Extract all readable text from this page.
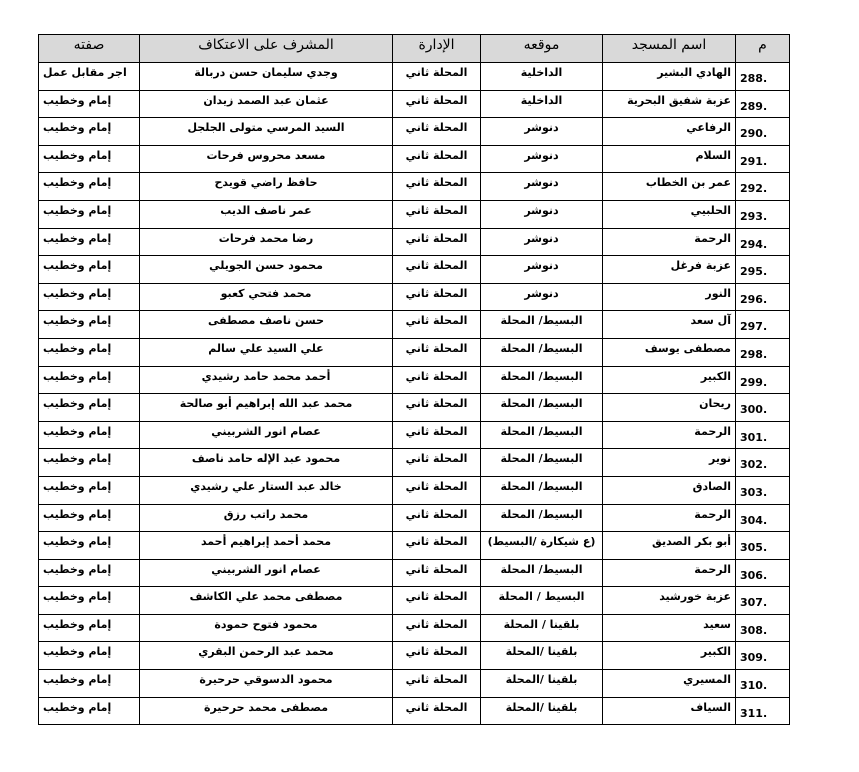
م	اسم المسجد	موقعه	الإدارة	المشرف على الاعتكاف	صفته
288.	الهادي البشير	الداخلية	المحلة ثاني	وجدي سليمان حسن دربالة	اجر مقابل عمل
289.	عزبة شفيق البحرية	الداخلية	المحلة ثاني	عثمان عبد الصمد زيدان	إمام وخطيب
290.	الرفاعي	دنوشر	المحلة ثاني	السيد المرسي متولى الجلجل	إمام وخطيب
291.	السلام	دنوشر	المحلة ثاني	مسعد محروس فرحات	إمام وخطيب
292.	عمر بن الخطاب	دنوشر	المحلة ثاني	حافظ راضي قويدح	إمام وخطيب
293.	الحلبيي	دنوشر	المحلة ثاني	عمر ناصف الديب	إمام وخطيب
294.	الرحمة	دنوشر	المحلة ثاني	رضا محمد فرحات	إمام وخطيب
295.	عزبة فرغل	دنوشر	المحلة ثاني	محمود حسن الجويلي	إمام وخطيب
296.	النور	دنوشر	المحلة ثاني	محمد فتحي كعبو	إمام وخطيب
297.	آل سعد	البسيط/ المحلة	المحلة ثاني	حسن ناصف مصطفى	إمام وخطيب
298.	مصطفى يوسف	البسيط/ المحلة	المحلة ثاني	علي السيد علي سالم	إمام وخطيب
299.	الكبير	البسيط/ المحلة	المحلة ثاني	أحمد محمد حامد رشيدي	إمام وخطيب
300.	ريحان	البسيط/ المحلة	المحلة ثاني	محمد عبد الله إبراهيم أبو صالحة	إمام وخطيب
301.	الرحمة	البسيط/ المحلة	المحلة ثاني	عصام انور الشربيني	إمام وخطيب
302.	نوير	البسيط/ المحلة	المحلة ثاني	محمود عبد الإله حامد ناصف	إمام وخطيب
303.	الصادق	البسيط/ المحلة	المحلة ثاني	خالد عبد الستار علي رشيدي	إمام وخطيب
304.	الرحمة	البسيط/ المحلة	المحلة ثاني	محمد راتب رزق	إمام وخطيب
305.	أبو بكر الصديق	(ع شيكارة /البسيط)	المحلة ثاني	محمد أحمد إبراهيم أحمد	إمام وخطيب
306.	الرحمة	البسيط/ المحلة	المحلة ثاني	عصام انور الشربيني	إمام وخطيب
307.	عزبة خورشيد	البسيط / المحلة	المحلة ثاني	مصطفى محمد علي الكاشف	إمام وخطيب
308.	سعيد	بلقينا / المحلة	المحلة ثاني	محمود فتوح حمودة	إمام وخطيب
309.	الكبير	بلقينا /المحلة	المحلة ثاني	محمد عبد الرحمن البقري	إمام وخطيب
310.	المسيري	بلقينا /المحلة	المحلة ثاني	محمود الدسوقي حرحيرة	إمام وخطيب
311.	السياف	بلقينا /المحلة	المحلة ثاني	مصطفى محمد حرحيرة	إمام وخطيب
